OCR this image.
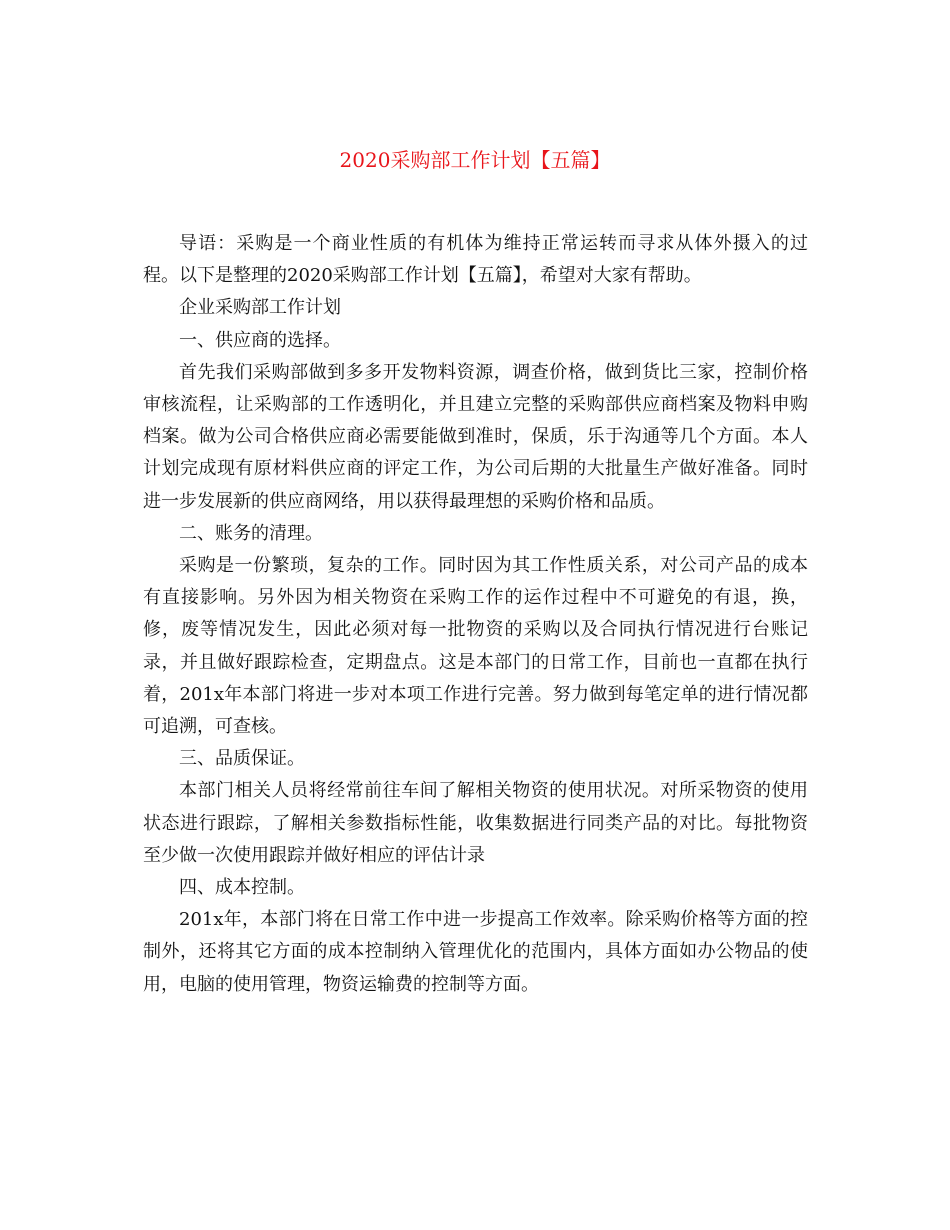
2020采购部工作计划【五篇】

导语：采购是一个商业性质的有机体为维持正常运转而寻求从体外摄入的过程。以下是整理的2020采购部工作计划【五篇】，希望对大家有帮助。

企业采购部工作计划

一、供应商的选择。

首先我们采购部做到多多开发物料资源，调查价格，做到货比三家，控制价格审核流程，让采购部的工作透明化，并且建立完整的采购部供应商档案及物料申购档案。做为公司合格供应商必需要能做到准时，保质，乐于沟通等几个方面。本人计划完成现有原材料供应商的评定工作，为公司后期的大批量生产做好准备。同时进一步发展新的供应商网络，用以获得最理想的采购价格和品质。

二、账务的清理。

采购是一份繁琐，复杂的工作。同时因为其工作性质关系，对公司产品的成本有直接影响。另外因为相关物资在采购工作的运作过程中不可避免的有退，换，修，废等情况发生，因此必须对每一批物资的采购以及合同执行情况进行台账记录，并且做好跟踪检查，定期盘点。这是本部门的日常工作，目前也一直都在执行着，201x年本部门将进一步对本项工作进行完善。努力做到每笔定单的进行情况都可追溯，可查核。

三、品质保证。

本部门相关人员将经常前往车间了解相关物资的使用状况。对所采物资的使用状态进行跟踪，了解相关参数指标性能，收集数据进行同类产品的对比。每批物资至少做一次使用跟踪并做好相应的评估计录

四、成本控制。

201x年，本部门将在日常工作中进一步提高工作效率。除采购价格等方面的控制外，还将其它方面的成本控制纳入管理优化的范围内，具体方面如办公物品的使用，电脑的使用管理，物资运输费的控制等方面。
